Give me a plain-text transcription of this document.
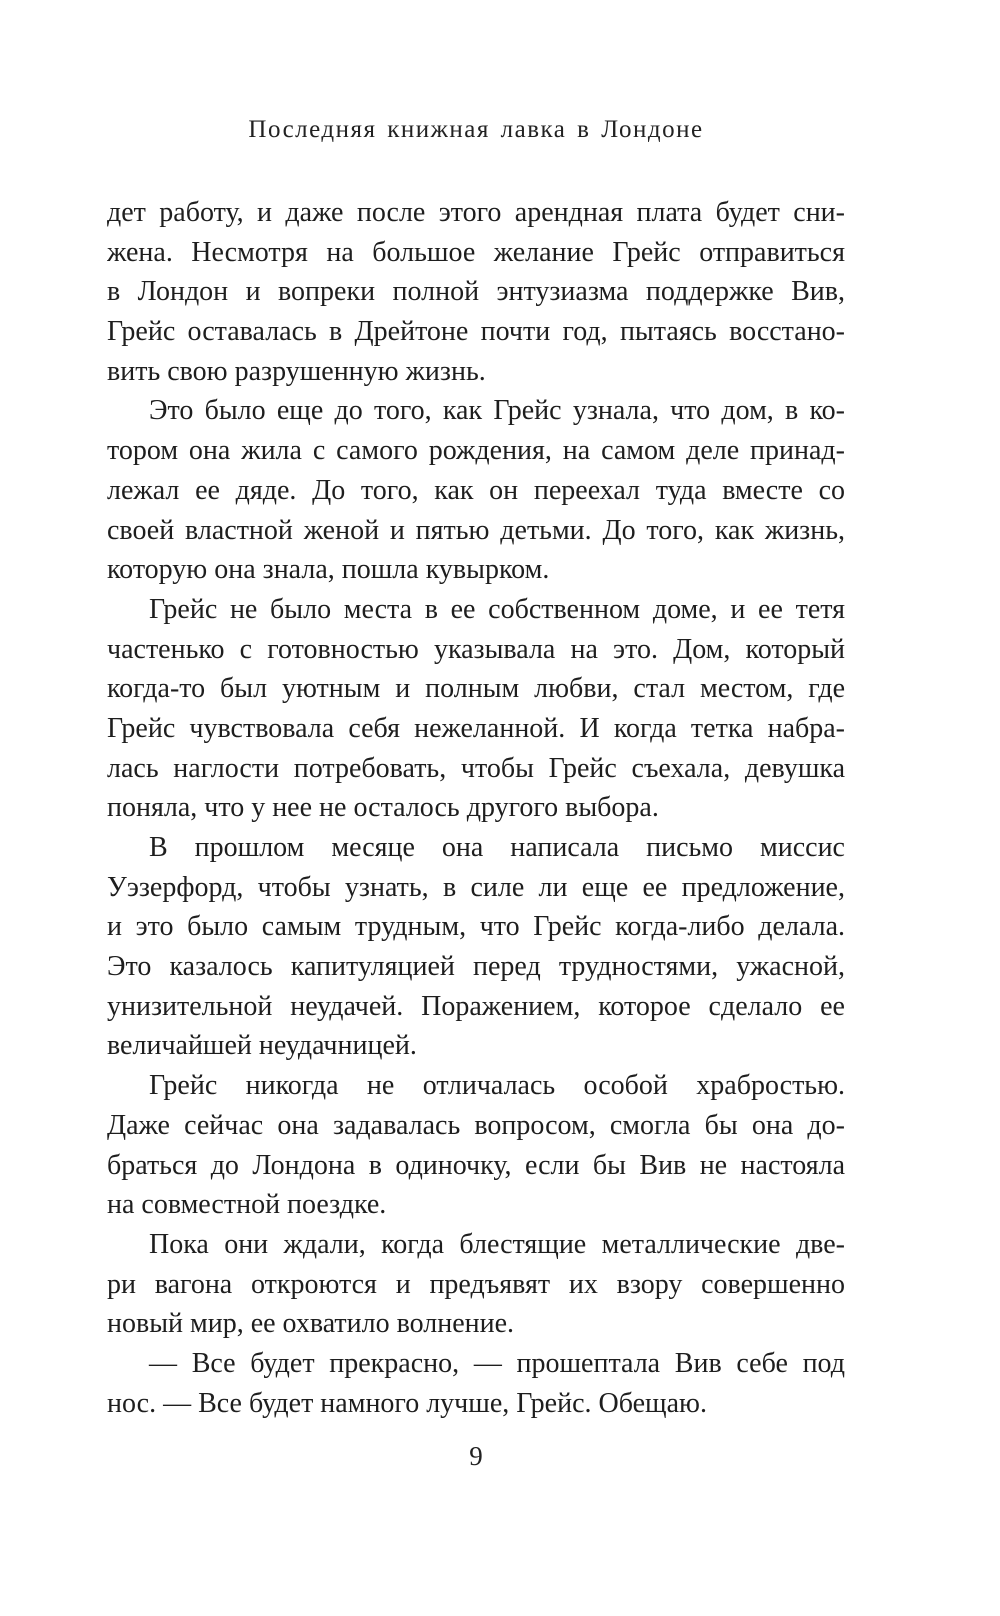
Последняя книжная лавка в Лондоне
дет работу, и даже после этого арендная плата будет сни-
жена. Несмотря на большое желание Грейс отправиться
в Лондон и вопреки полной энтузиазма поддержке Вив,
Грейс оставалась в Дрейтоне почти год, пытаясь восстано-
вить свою разрушенную жизнь.
Это было еще до того, как Грейс узнала, что дом, в ко-
тором она жила с самого рождения, на самом деле принад-
лежал ее дяде. До того, как он переехал туда вместе со
своей властной женой и пятью детьми. До того, как жизнь,
которую она знала, пошла кувырком.
Грейс не было места в ее собственном доме, и ее тетя
частенько с готовностью указывала на это. Дом, который
когда-то был уютным и полным любви, стал местом, где
Грейс чувствовала себя нежеланной. И когда тетка набра-
лась наглости потребовать, чтобы Грейс съехала, девушка
поняла, что у нее не осталось другого выбора.
В прошлом месяце она написала письмо миссис
Уэзерфорд, чтобы узнать, в силе ли еще ее предложение,
и это было самым трудным, что Грейс когда-либо делала.
Это казалось капитуляцией перед трудностями, ужасной,
унизительной неудачей. Поражением, которое сделало ее
величайшей неудачницей.
Грейс никогда не отличалась особой храбростью.
Даже сейчас она задавалась вопросом, смогла бы она до-
браться до Лондона в одиночку, если бы Вив не настояла
на совместной поездке.
Пока они ждали, когда блестящие металлические две-
ри вагона откроются и предъявят их взору совершенно
новый мир, ее охватило волнение.
— Все будет прекрасно, — прошептала Вив себе под
нос. — Все будет намного лучше, Грейс. Обещаю.
9
